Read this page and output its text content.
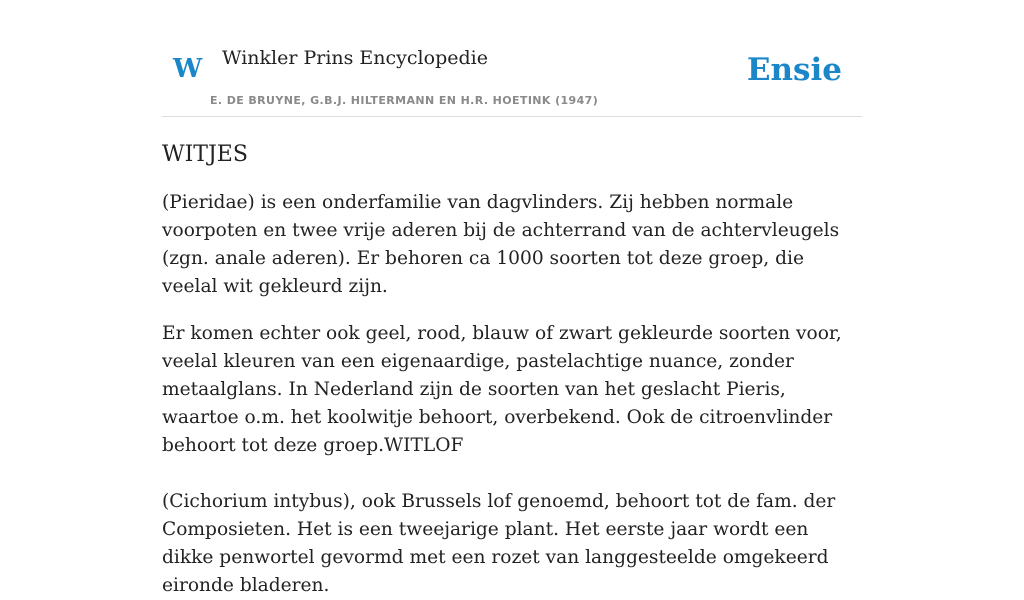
W Winkler Prins Encyclopedie
E. DE BRUYNE, G.B.J. HILTERMANN EN H.R. HOETINK (1947)
Ensie
WITJES

(Pieridae) is een onderfamilie van dagvlinders. Zij hebben normale voorpoten en twee vrije aderen bij de achterrand van de achtervleugels (zgn. anale aderen). Er behoren ca 1000 soorten tot deze groep, die veelal wit gekleurd zijn.

Er komen echter ook geel, rood, blauw of zwart gekleurde soorten voor, veelal kleuren van een eigenaardige, pastelachtige nuance, zonder metaalglans. In Nederland zijn de soorten van het geslacht Pieris, waartoe o.m. het koolwitje behoort, overbekend. Ook de citroenvlinder behoort tot deze groep.WITLOF

(Cichorium intybus), ook Brussels lof genoemd, behoort tot de fam. der Composieten. Het is een tweejarige plant. Het eerste jaar wordt een dikke penwortel gevormd met een rozet van langgesteelde omgekeerd eironde bladeren.
